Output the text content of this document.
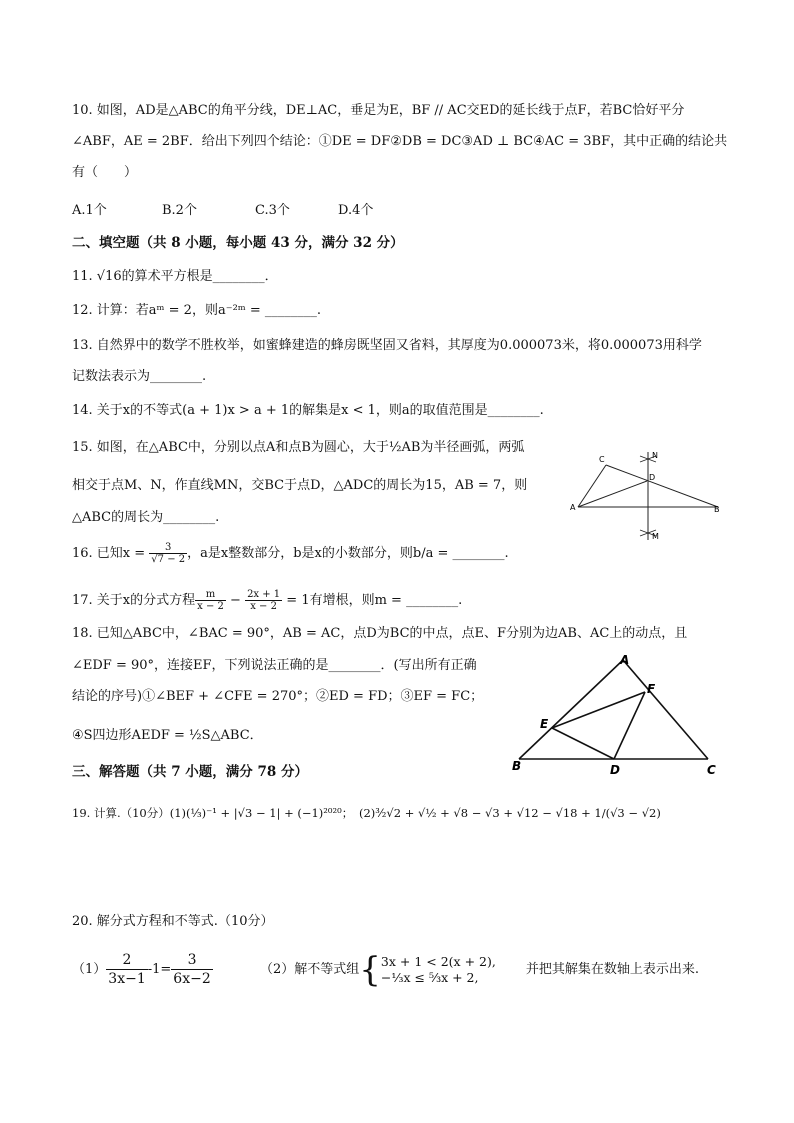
10. 如图，AD是△ABC的角平分线，DE⊥AC，垂足为E，BF // AC交ED的延长线于点F，若BC恰好平分
∠ABF，AE = 2BF．给出下列四个结论：①DE = DF②DB = DC③AD ⊥ BC④AC = 3BF，其中正确的结论共
有（　　）
A.1个	B.2个	C.3个	D.4个
二、填空题（共 8 小题，每小题 43 分，满分 32 分）
11. √16的算术平方根是________．
12. 计算：若aᵐ = 2，则a⁻²ᵐ = ________.
13. 自然界中的数学不胜枚举，如蜜蜂建造的蜂房既坚固又省料，其厚度为0.000073米，将0.000073用科学
记数法表示为________.
14. 关于x的不等式(a + 1)x > a + 1的解集是x < 1，则a的取值范围是________.
15. 如图，在△ABC中，分别以点A和点B为圆心，大于½AB为半径画弧，两弧
相交于点M、N，作直线MN，交BC于点D，△ADC的周长为15，AB = 7，则
△ABC的周长为________.
C	N
D
A	B
M
16. 已知$x = \frac{3}{√7 - 2}$ ，a是x整数部分，b是x的小数部分，则b/a = ________.
17. 关于x的分式方程 $\frac{m}{x - 2} - \frac{2x + 1}{x - 2} = 1$有增根，则m = ________.
18. 已知△ABC中，∠BAC = 90°，AB = AC，点D为BC的中点，点E、F分别为边AB、AC上的动点，且
∠EDF = 90°，连接EF，下列说法正确的是________．(写出所有正确
结论的序号)①∠BEF + ∠CFE = 270°；②ED = FD；③EF = FC；
④S四边形AEDF = ½S△ABC．
A
F
E
B	D	C
三、解答题（共 7 小题，满分 78 分）
19. 计算.（10分）(1)(⅓)⁻¹ + |√3 − 1| + (−1)²⁰²⁰；　(2)³⁄₂√2 + √½ + √8 − √3 + √12 − √18 + 1/(√3 − √2)
20. 解分式方程和不等式.（10分）
$(1) \frac{2}{3x-1} -1= \frac{3}{6x-2}$	（2）解不等式组{ 3x + 1 < 2(x + 2),
−⅓x ≤ ⁵⁄₃x + 2,	并把其解集在数轴上表示出来.
